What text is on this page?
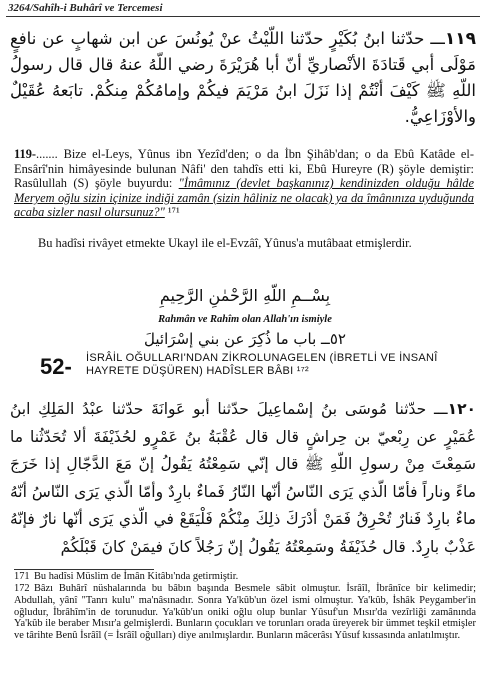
3264/Sahîh-i Buhârî ve Tercemesi
١١٩ـــ حدّثنا ابنُ بُكَيْرٍ حدّثنا اللّيْثُ عنْ يُونُسَ عن ابن شهابٍ عن نافعٍ مَوْلَى أبي قَتادَةَ الأنْصاريِّ أنّ أبا هُرَيْرَةَ رضي اللّهُ عنهُ قال قال رسولُ اللّهِ ﷺ كَيْفَ أنْتُمْ إذا نَزَلَ ابنُ مَرْيَمَ فيكُمْ وإمامُكُمْ مِنكُمْ. تابَعهُ عُقَيْلٌ والأوْزَاعِيُّ.
119-....... Bize el-Leys, Yûnus ibn Yezîd'den; o da İbn Şihâb'dan; o da Ebû Katâde el-Ensârî'nin himâyesinde bulunan Nâfi' den tahdîs etti ki, Ebû Hureyre (R) şöyle demiştir: Rasûlullah (S) şöyle buyurdu: "İmâmınız (devlet başkanınız) kendinizden olduğu hâlde Meryem oğlu sizin içinize indiği zamân (sizin hâliniz ne olacak) ya da îmânınıza uyduğunda acaba sizler nasıl olursunuz?" ¹⁷¹
Bu hadîsi rivâyet etmekte Ukayl ile el-Evzâî, Yûnus'a mutâbaat etmişlerdir.
بِسْــمِ اللّهِ الرَّحْمٰنِ الرَّحِيمِ
Rahmân ve Rahîm olan Allah'ın ismiyle
٥٢ــ باب ما ذُكِرَ عن بني إسْرَائيلَ
52- İSRÂİL OĞULLARI'NDAN ZİKROLUNAGELEN (İBRETLİ VE İNSANÎ HAYRETE DÜŞÜREN) HADÎSLER BÂBI ¹⁷²
١٢٠ـــ حدّثنا مُوسَى بنُ إسْماعِيلَ حدّثنا أبو عَوانَةَ حدّثنا عبْدُ المَلِكِ ابنُ عُمَيْرٍ عن رِبْعيّ بن حِراشٍ قال قال عُقْبَةُ بنُ عَمْرٍو لحُذَيْفَةَ ألا تُحَدّثُنا ما سَمِعْتَ مِنْ رسولِ اللّهِ ﷺ قال إنّي سَمِعْتُهُ يَقُولُ إنّ مَعَ الدَّجّالِ إذا خَرَجَ ماءً وناراً فأمّا الّذي يَرَى النّاسُ أنّها النّارُ فَماءٌ بارِدٌ وأمّا الّذي يَرَى النّاسُ أنّهُ ماءٌ بارِدٌ فَنارٌ تُحْرِقُ فَمَنْ أدْرَكَ ذلِكَ مِنْكُمْ فَلْيَقَعْ في الّذي يَرَى أنّها نارٌ فإنّهُ عَذْبٌ بارِدٌ. قال حُذَيْفَةُ وسَمِعْتُهُ يَقُولُ إنّ رَجُلاً كانَ فيمَنْ كانَ قَبْلَكُمْ
171 Bu hadîsi Müslim de İmân Kitâbı'nda getirmiştir.
172 Bâzı Buhârî nüshalarında bu bâbın başında Besmele sâbit olmuştur. İsrâîl, İbrânîce bir kelimedir; Abdullah, yânî "Tanrı kulu" ma'nâsınadır. Sonra Ya'kûb'un özel ismi olmuştur. Ya'kûb, İshâk Peygamber'in oğludur, İbrâhîm'in de torunudur. Ya'kûb'un oniki oğlu olup bunlar Yûsuf'un Mısır'da vezîrliği zamânında Ya'kûb ile beraber Mısır'a gelmişlerdi. Bunların çocukları ve torunları orada üreyerek bir ümmet teşkil etmişler ve târihte Benû İsrâîl (= İsrâîl oğulları) diye anılmışlardır. Bunların mâcerâsı Yûsuf kıssasında anlatılmıştır.
